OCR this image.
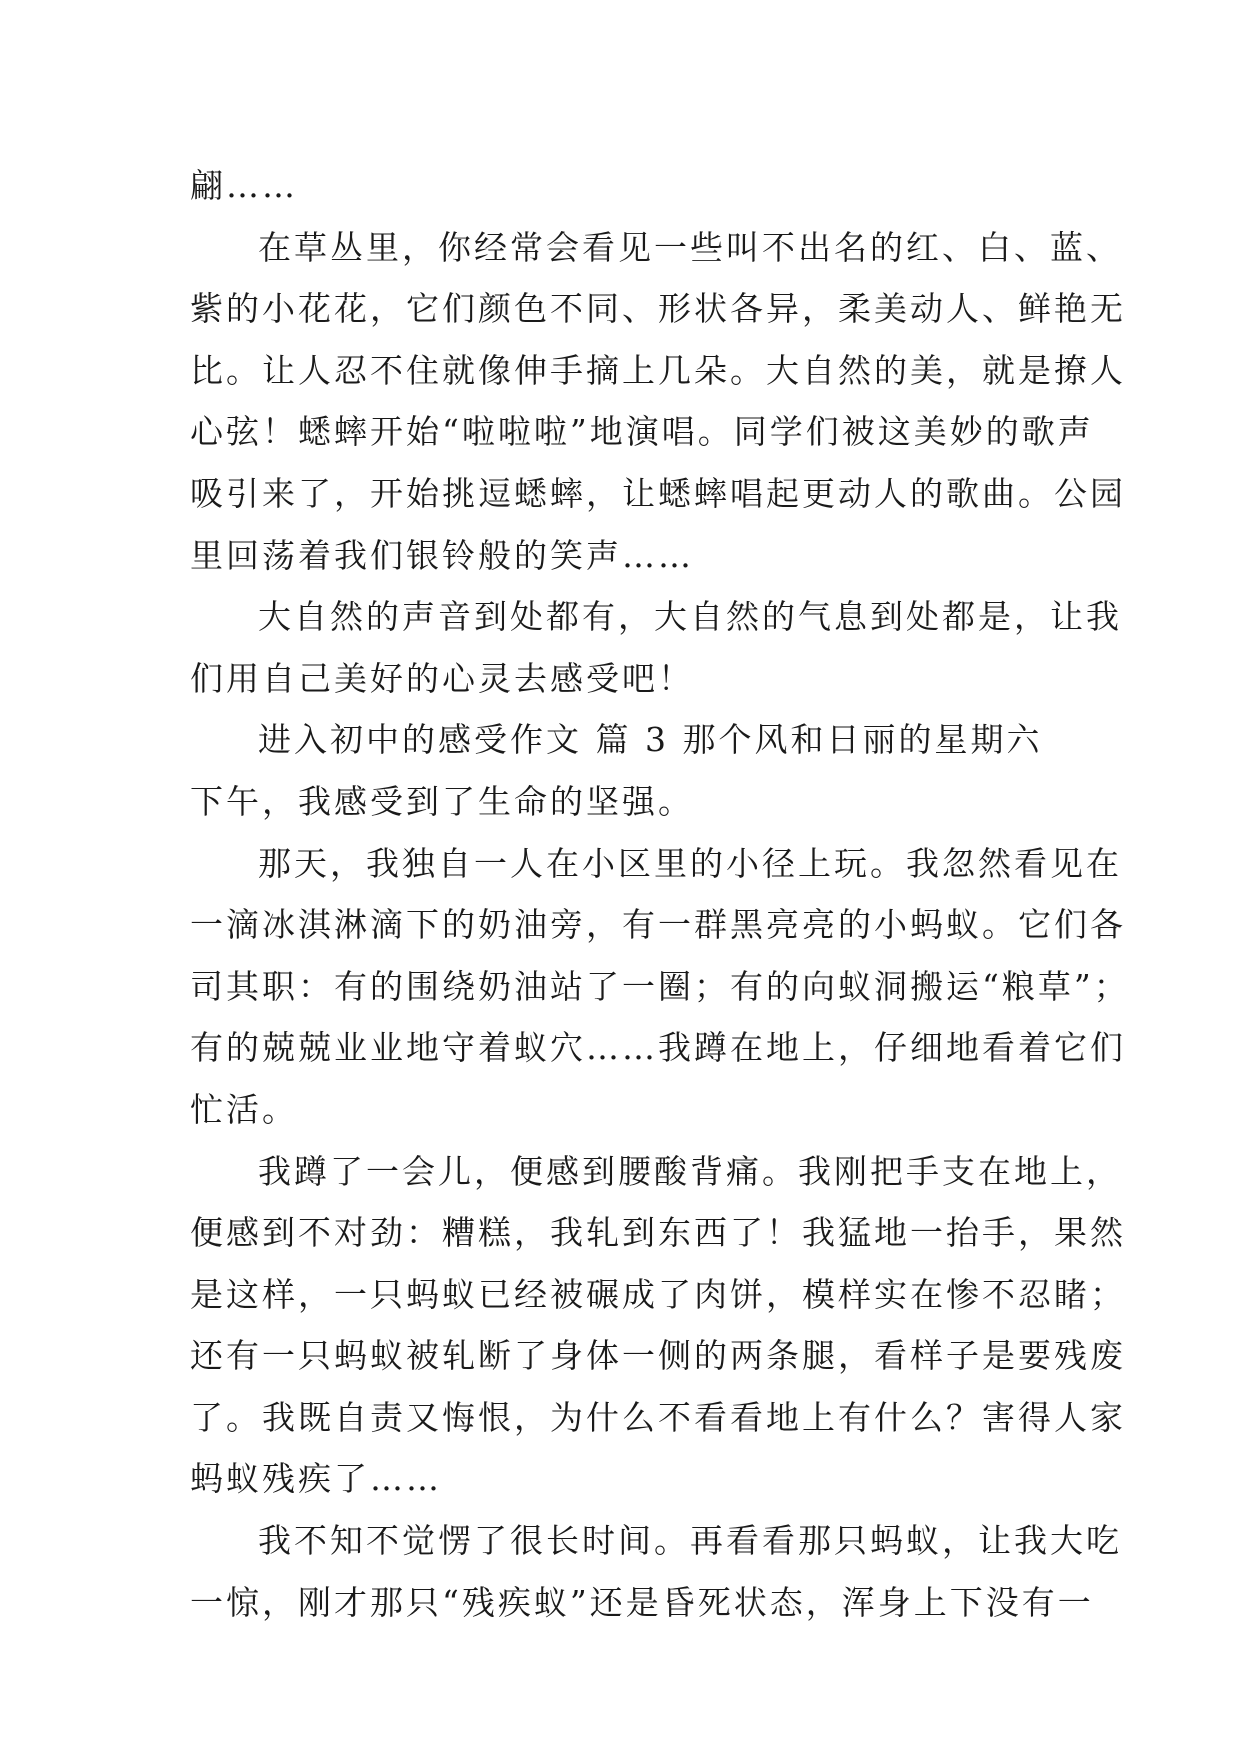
翩……
在草丛里，你经常会看见一些叫不出名的红、白、蓝、
紫的小花花，它们颜色不同、形状各异，柔美动人、鲜艳无
比。让人忍不住就像伸手摘上几朵。大自然的美，就是撩人
心弦！蟋蟀开始“啦啦啦”地演唱。同学们被这美妙的歌声
吸引来了，开始挑逗蟋蟀，让蟋蟀唱起更动人的歌曲。公园
里回荡着我们银铃般的笑声……
大自然的声音到处都有，大自然的气息到处都是，让我
们用自己美好的心灵去感受吧！
进入初中的感受作文 篇 3 那个风和日丽的星期六
下午，我感受到了生命的坚强。
那天，我独自一人在小区里的小径上玩。我忽然看见在
一滴冰淇淋滴下的奶油旁，有一群黑亮亮的小蚂蚁。它们各
司其职：有的围绕奶油站了一圈；有的向蚁洞搬运“粮草”；
有的兢兢业业地守着蚁穴……我蹲在地上，仔细地看着它们
忙活。
我蹲了一会儿，便感到腰酸背痛。我刚把手支在地上，
便感到不对劲：糟糕，我轧到东西了！我猛地一抬手，果然
是这样，一只蚂蚁已经被碾成了肉饼，模样实在惨不忍睹；
还有一只蚂蚁被轧断了身体一侧的两条腿，看样子是要残废
了。我既自责又悔恨，为什么不看看地上有什么？害得人家
蚂蚁残疾了……
我不知不觉愣了很长时间。再看看那只蚂蚁，让我大吃
一惊，刚才那只“残疾蚁”还是昏死状态，浑身上下没有一
